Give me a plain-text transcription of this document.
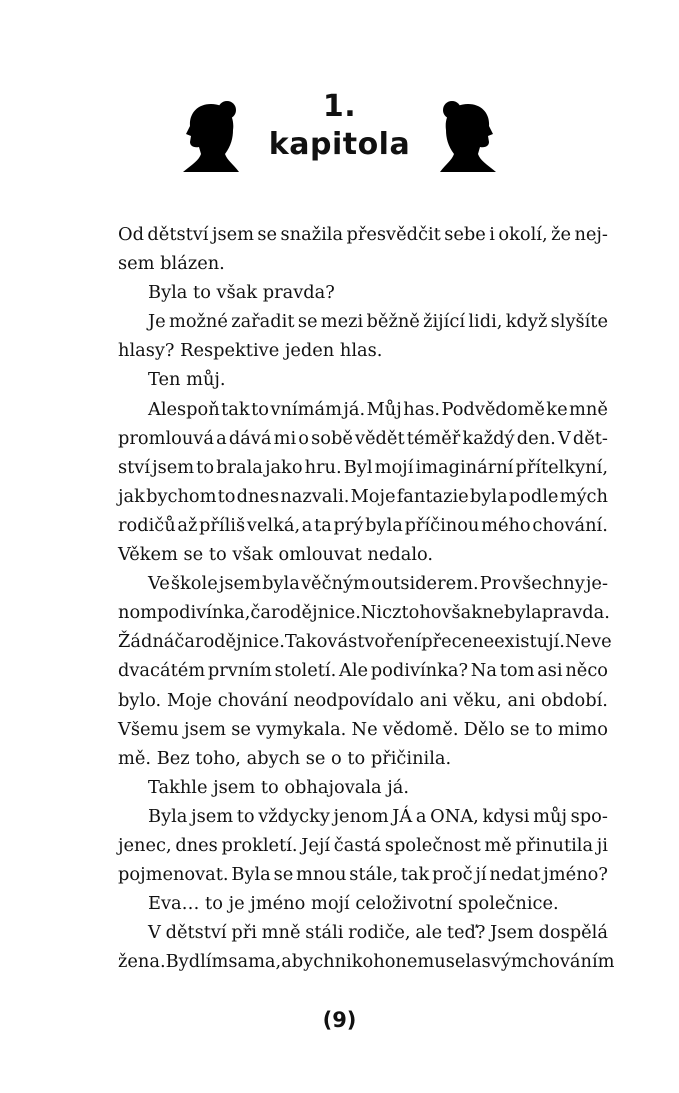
1.
kapitola
Od dětství jsem se snažila přesvědčit sebe i okolí, že nej-
sem blázen.
Byla to však pravda?
Je možné zařadit se mezi běžně žijící lidi, když slyšíte
hlasy? Respektive jeden hlas.
Ten můj.
Alespoň tak to vnímám já. Můj has. Podvědomě ke mně
promlouvá a dává mi o sobě vědět téměř každý den. V dět-
ství jsem to brala jako hru. Byl mojí imaginární přítelkyní,
jak bychom to dnes nazvali. Moje fantazie byla podle mých
rodičů až příliš velká, a ta prý byla příčinou mého chování.
Věkem se to však omlouvat nedalo.
Ve škole jsem byla věčným outsiderem. Pro všechny je-
nom podivínka, čarodějnice. Nic z toho však nebyla pravda.
Žádná čarodějnice. Taková stvoření přece neexistují. Ne ve
dvacátém prvním století. Ale podivínka? Na tom asi něco
bylo. Moje chování neodpovídalo ani věku, ani období.
Všemu jsem se vymykala. Ne vědomě. Dělo se to mimo
mě. Bez toho, abych se o to přičinila.
Takhle jsem to obhajovala já.
Byla jsem to vždycky jenom JÁ a ONA, kdysi můj spo-
jenec, dnes prokletí. Její častá společnost mě přinutila ji
pojmenovat. Byla se mnou stále, tak proč jí nedat jméno?
Eva… to je jméno mojí celoživotní společnice.
V dětství při mně stáli rodiče, ale teď? Jsem dospělá
žena. Bydlím sama, abych nikoho nemusela svým chováním
(9)
